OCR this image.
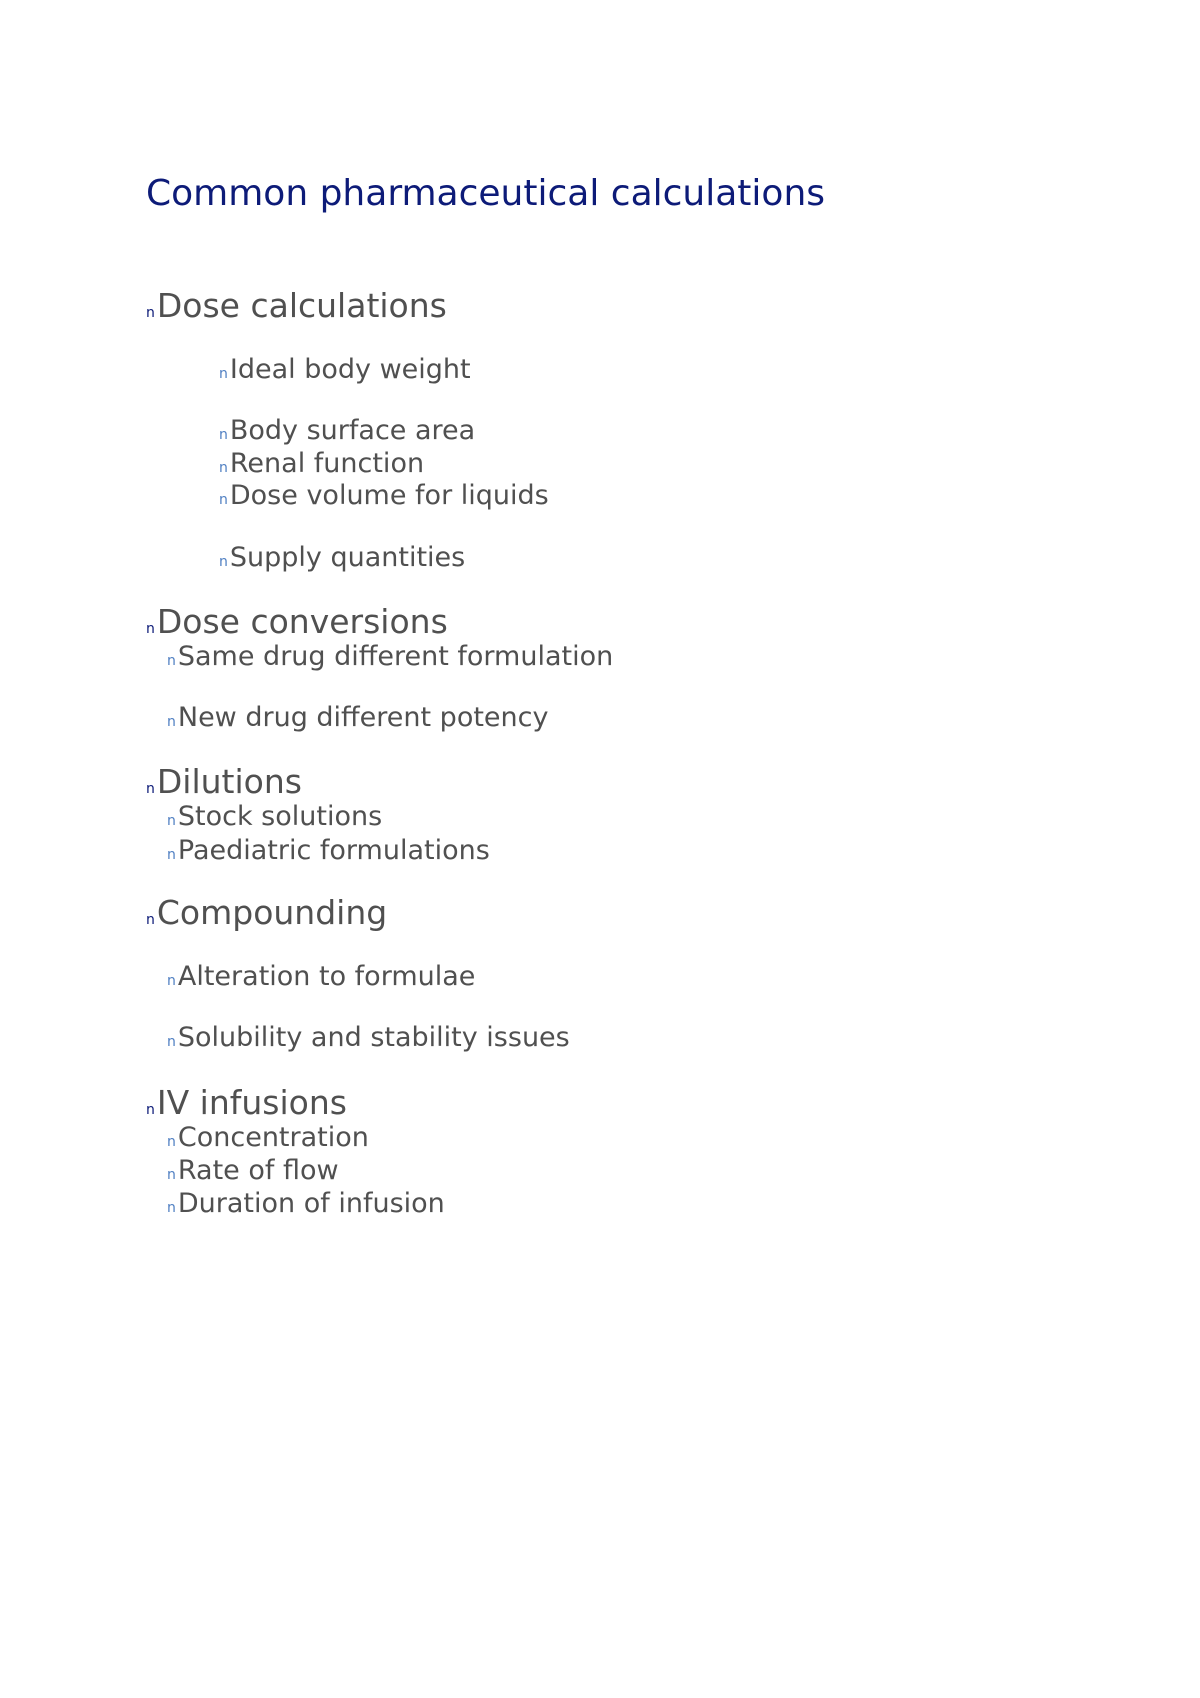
Common pharmaceutical calculations
nDose calculations
nIdeal body weight
nBody surface area
nRenal function
nDose volume for liquids
nSupply quantities
nDose conversions
nSame drug different formulation
nNew drug different potency
nDilutions
nStock solutions
nPaediatric formulations
nCompounding
nAlteration to formulae
nSolubility and stability issues
nIV infusions
nConcentration
nRate of flow
nDuration of infusion
